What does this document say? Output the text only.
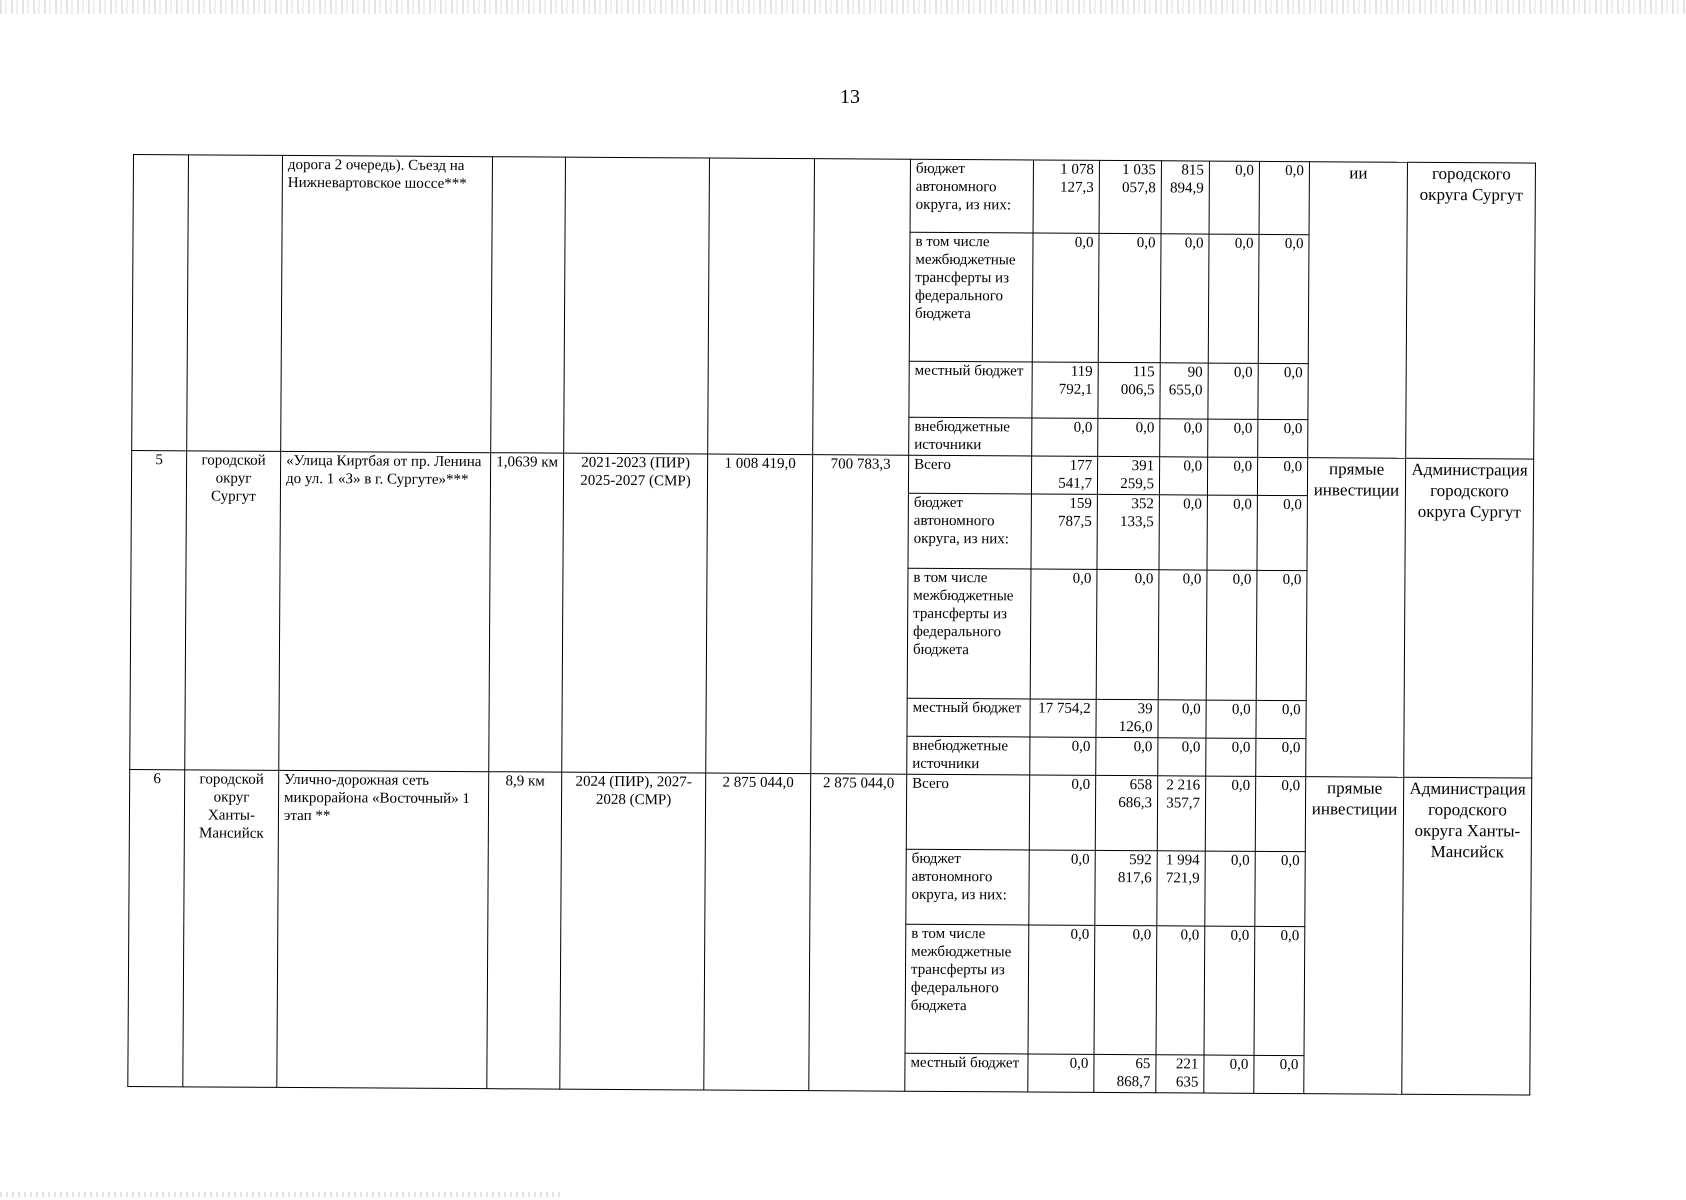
13
		дорога 2 очередь). Съезд на Нижневартовское шоссе***					бюджет автономного округа, из них:	1 078 127,3	1 035 057,8	815 894,9	0,0	0,0	ии	городского округа Сургут
							в том числе межбюджетные трансферты из федерального бюджета	0,0	0,0	0,0	0,0	0,0		
							местный бюджет	119 792,1	115 006,5	90 655,0	0,0	0,0		
							внебюджетные источники	0,0	0,0	0,0	0,0	0,0		
5	городской округ Сургут	«Улица Киртбая от пр. Ленина до ул. 1 «З» в г. Сургуте»***	1,0639 км	2021-2023 (ПИР) 2025-2027 (СМР)	1 008 419,0	700 783,3	Всего	177 541,7	391 259,5	0,0	0,0	0,0	прямые инвестиции	Администрация городского округа Сургут
							бюджет автономного округа, из них:	159 787,5	352 133,5	0,0	0,0	0,0		
							в том числе межбюджетные трансферты из федерального бюджета	0,0	0,0	0,0	0,0	0,0		
							местный бюджет	17 754,2	39 126,0	0,0	0,0	0,0		
							внебюджетные источники	0,0	0,0	0,0	0,0	0,0		
6	городской округ Ханты-Мансийск	Улично-дорожная сеть микрорайона «Восточный» 1 этап **	8,9 км	2024 (ПИР), 2027-2028 (СМР)	2 875 044,0	2 875 044,0	Всего	0,0	658 686,3	2 216 357,7	0,0	0,0	прямые инвестиции	Администрация городского округа Ханты-Мансийск
							бюджет автономного округа, из них:	0,0	592 817,6	1 994 721,9	0,0	0,0		
							в том числе межбюджетные трансферты из федерального бюджета	0,0	0,0	0,0	0,0	0,0		
							местный бюджет	0,0	65 868,7	221 635	0,0	0,0		
